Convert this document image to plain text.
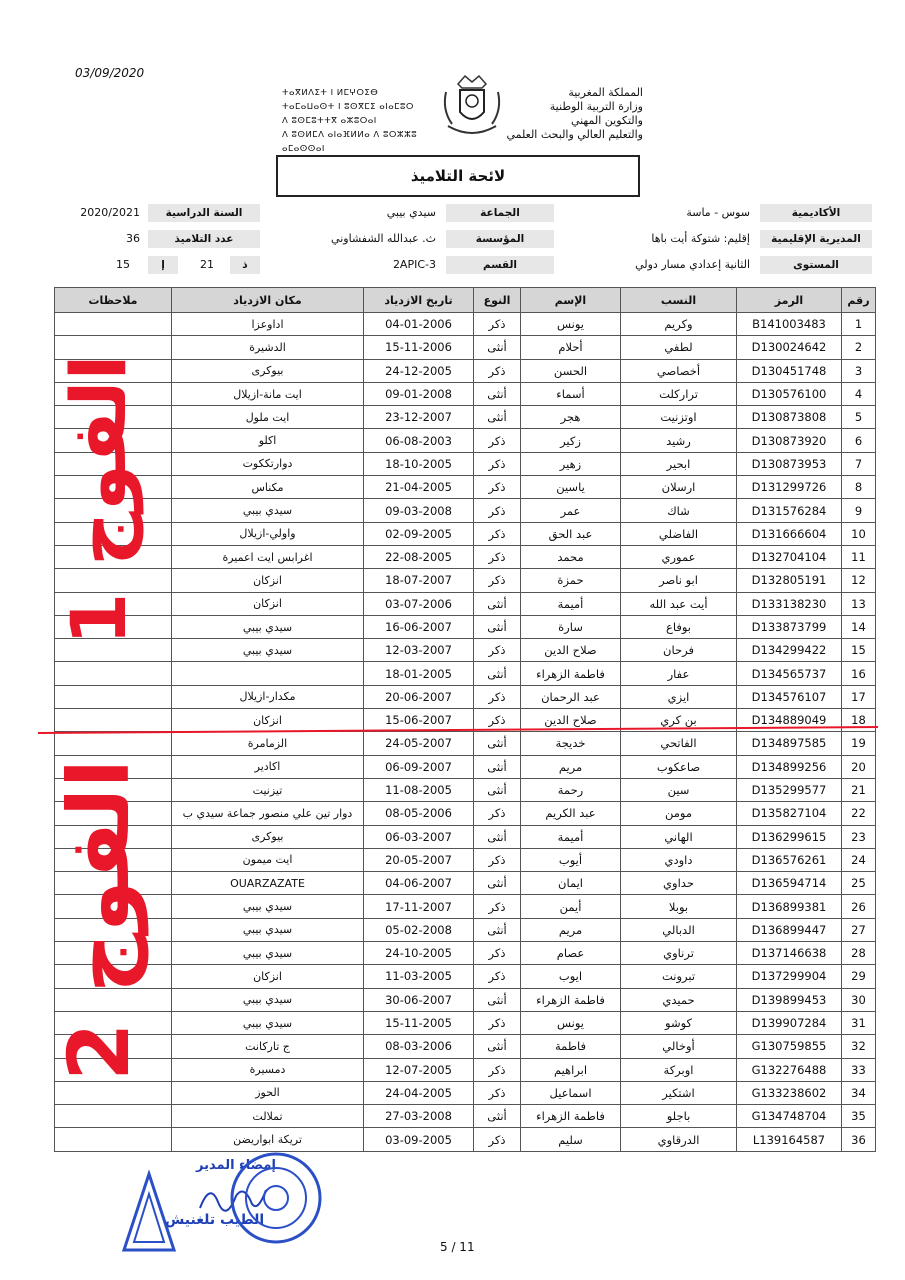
03/09/2020
المملكة المغربية
وزارة التربية الوطنية
والتكوين المهني
والتعليم العالي والبحث العلمي
ⵜⴰⴳⵍⴷⵉⵜ ⵏ ⵍⵎⵖⵔⵉⴱ
ⵜⴰⵎⴰⵡⴰⵙⵜ ⵏ ⵓⵙⴳⵎⵉ ⴰⵏⴰⵎⵓⵔ
ⴷ ⵓⵙⵎⵓⵜⵜⴳ ⴰⵣⵓⵔⴰⵏ
ⴷ ⵓⵙⵍⵎⴷ ⴰⵏⴰⴼⵍⵍⴰ ⴷ ⵓⵔⵣⵣⵓ ⴰⵎⴰⵙⵙⴰⵏ
لائحة التلاميذ
الأكاديمية
سوس - ماسة
المديرية الإقليمية
إقليم: شتوكة أيت باها
المستوى
الثانية إعدادي مسار دولي
الجماعة
سيدي بيبي
المؤسسة
ث. عبدالله الشفشاوني
القسم
2APIC-3
السنة الدراسية
2020/2021
عدد التلاميذ
36
ذ
21
إ
15
ملاحظات	مكان الازدياد	تاريخ الازدياد	النوع	الإسم	النسب	الرمز	رقم
	اداوعزا	04-01-2006	ذكر	يونس	وكريم	B141003483	1
	الدشيرة	15-11-2006	أنثى	أحلام	لطفي	D130024642	2
	بيوكرى	24-12-2005	ذكر	الحسن	أخصاصي	D130451748	3
	ايت مانة-ازيلال	09-01-2008	أنثى	أسماء	تراركلت	D130576100	4
	ايت ملول	23-12-2007	أنثى	هجر	اوتزنيت	D130873808	5
	اكلو	06-08-2003	ذكر	زكير	رشيد	D130873920	6
	دوارتككوت	18-10-2005	ذكر	زهير	ابحير	D130873953	7
	مكناس	21-04-2005	ذكر	ياسين	ارسلان	D131299726	8
	سيدي بيبي	09-03-2008	ذكر	عمر	شاك	D131576284	9
	واولي-ازيلال	02-09-2005	ذكر	عبد الحق	الفاضلي	D131666604	10
	اغرابس ايت اعميرة	22-08-2005	ذكر	محمد	عموري	D132704104	11
	انزكان	18-07-2007	ذكر	حمزة	ابو ناصر	D132805191	12
	انزكان	03-07-2006	أنثى	أميمة	أيت عبد الله	D133138230	13
	سيدي بيبي	16-06-2007	أنثى	سارة	بوفاع	D133873799	14
	سيدي بيبي	12-03-2007	ذكر	صلاح الدين	فرحان	D134299422	15
		18-01-2005	أنثى	فاطمة الزهراء	عفار	D134565737	16
	مكدار-ازيلال	20-06-2007	ذكر	عبد الرحمان	ايزي	D134576107	17
	انزكان	15-06-2007	ذكر	صلاح الدين	بن كري	D134889049	18
	الزمامرة	24-05-2007	أنثى	خديجة	الفاتحي	D134897585	19
	اكادير	06-09-2007	أنثى	مريم	صاعكوب	D134899256	20
	تيزنيت	11-08-2005	أنثى	رحمة	سين	D135299577	21
	دوار تين علي منصور جماعة سيدي ب	08-05-2006	ذكر	عبد الكريم	مومن	D135827104	22
	بيوكرى	06-03-2007	أنثى	أميمة	الهاني	D136299615	23
	ايت ميمون	20-05-2007	ذكر	أيوب	داودي	D136576261	24
	OUARZAZATE	04-06-2007	أنثى	ايمان	حداوي	D136594714	25
	سيدي بيبي	17-11-2007	ذكر	أيمن	بوبلا	D136899381	26
	سيدي بيبي	05-02-2008	أنثى	مريم	الدبالي	D136899447	27
	سيدي بيبي	24-10-2005	ذكر	عصام	ترناوي	D137146638	28
	انزكان	11-03-2005	ذكر	ايوب	تبرونت	D137299904	29
	سيدي بيبي	30-06-2007	أنثى	فاطمة الزهراء	حميدي	D139899453	30
	سيدي بيبي	15-11-2005	ذكر	يونس	كوشو	D139907284	31
	ج تاركانت	08-03-2006	أنثى	فاطمة	أوخالي	G130759855	32
	دمسيرة	12-07-2005	ذكر	ابراهيم	اوبركة	G132276488	33
	الحوز	24-04-2005	ذكر	اسماعيل	اشتكير	G133238602	34
	تملالت	27-03-2008	أنثى	فاطمة الزهراء	باجلو	G134748704	35
	تريكة ابواريضن	03-09-2005	ذكر	سليم	الدرقاوي	L139164587	36
الفوج 1
الفوج 2
إمضاء المدير
الطيب تلغنيش
5 / 11
